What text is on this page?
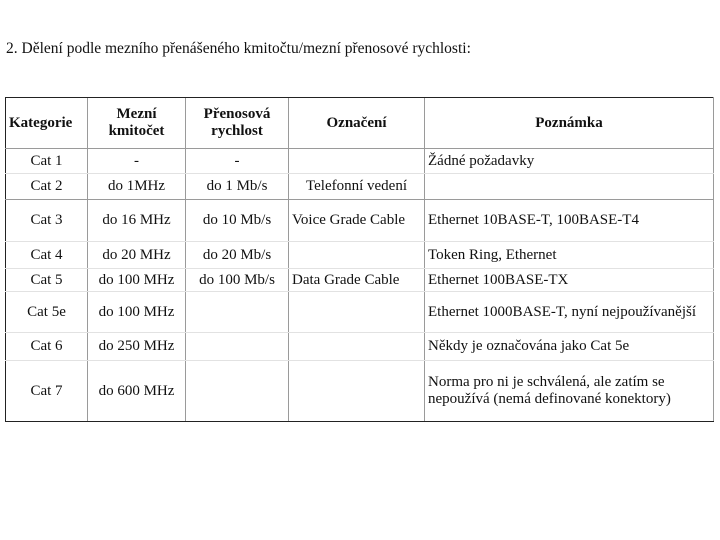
2. Dělení podle mezního přenášeného kmitočtu/mezní přenosové rychlosti:
Kategorie	Mezní kmitočet	Přenosová rychlost	Označení	Poznámka
Cat 1	-	-		Žádné požadavky
Cat 2	do 1MHz	do 1 Mb/s	Telefonní vedení	
Cat 3	do 16 MHz	do 10 Mb/s	Voice Grade Cable	Ethernet 10BASE-T, 100BASE-T4
Cat 4	do 20 MHz	do 20 Mb/s		Token Ring, Ethernet
Cat 5	do 100 MHz	do 100 Mb/s	Data Grade Cable	Ethernet 100BASE-TX
Cat 5e	do 100 MHz			Ethernet 1000BASE-T, nyní nejpoužívanější
Cat 6	do 250 MHz			Někdy je označována jako Cat 5e
Cat 7	do 600 MHz			Norma pro ni je schválená, ale zatím se nepoužívá (nemá definované konektory)
